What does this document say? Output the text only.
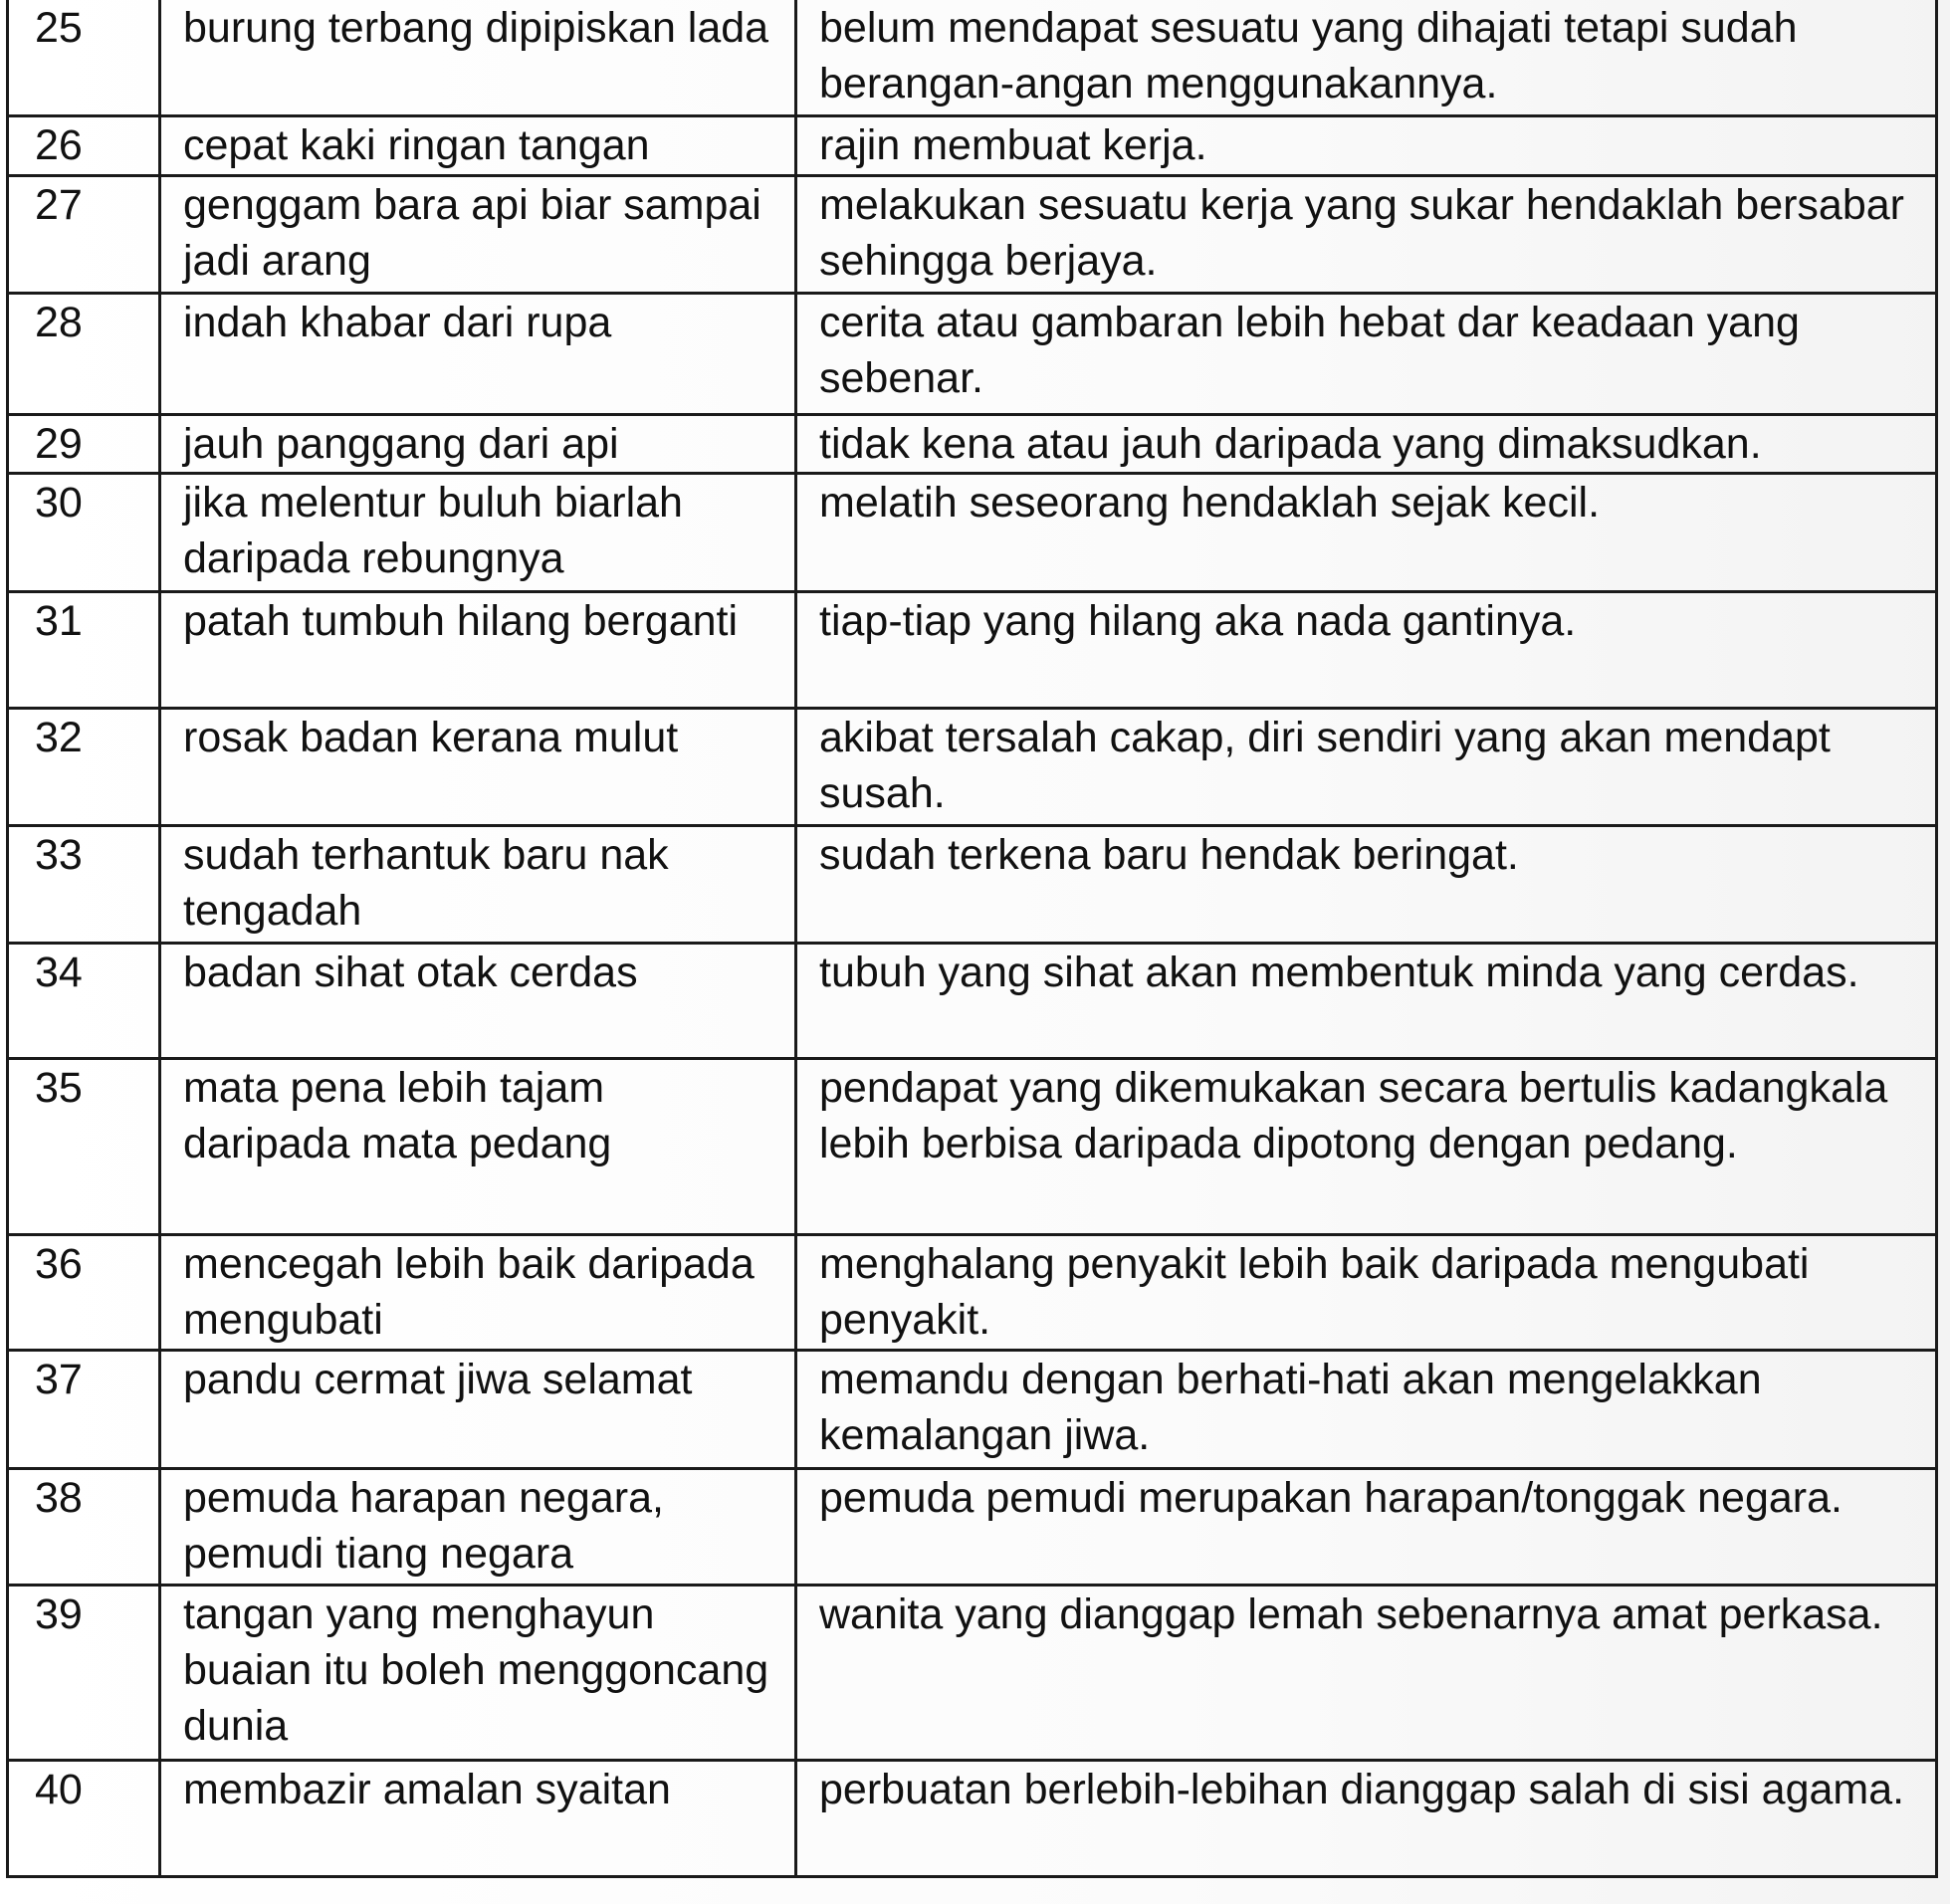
25	burung terbang dipipiskan lada	belum mendapat sesuatu yang dihajati tetapi sudah berangan-angan menggunakannya.
26	cepat kaki ringan tangan	rajin membuat kerja.
27	genggam bara api biar sampai jadi arang	melakukan sesuatu kerja yang sukar hendaklah bersabar sehingga berjaya.
28	indah khabar dari rupa	cerita atau gambaran lebih hebat dar keadaan yang sebenar.
29	jauh panggang dari api	tidak kena atau jauh daripada yang dimaksudkan.
30	jika melentur buluh biarlah daripada rebungnya	melatih seseorang hendaklah sejak kecil.
31	patah tumbuh hilang berganti	tiap-tiap yang hilang aka nada gantinya.
32	rosak badan kerana mulut	akibat tersalah cakap, diri sendiri yang akan mendapt susah.
33	sudah terhantuk baru nak tengadah	sudah terkena baru hendak beringat.
34	badan sihat otak cerdas	tubuh yang sihat akan membentuk minda yang cerdas.
35	mata pena lebih tajam daripada mata pedang	pendapat yang dikemukakan secara bertulis kadangkala lebih berbisa daripada dipotong dengan pedang.
36	mencegah lebih baik daripada mengubati	menghalang penyakit lebih baik daripada mengubati penyakit.
37	pandu cermat jiwa selamat	memandu dengan berhati-hati akan mengelakkan kemalangan jiwa.
38	pemuda harapan negara, pemudi tiang negara	pemuda pemudi merupakan harapan/tonggak negara.
39	tangan yang menghayun buaian itu boleh menggoncang dunia	wanita yang dianggap lemah sebenarnya amat perkasa.
40	membazir amalan syaitan	perbuatan berlebih-lebihan dianggap salah di sisi agama.
